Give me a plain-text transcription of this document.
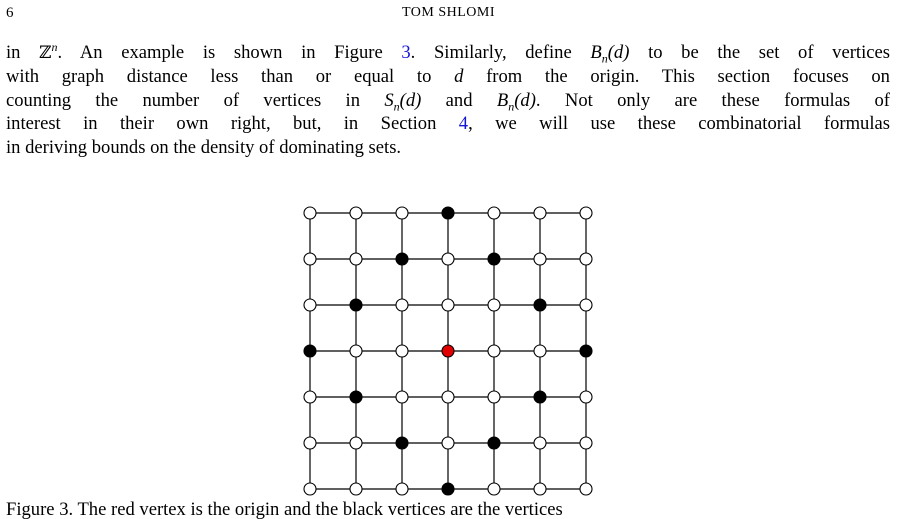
6	TOM SHLOMI
in ℤ$^n$. An example is shown in Figure 3. Similarly, define $B_n(d)$ to be the set of vertices
with graph distance less than or equal to d from the origin. This section focuses on
counting the number of vertices in $S_n(d)$ and $B_n(d)$. Not only are these formulas of
interest in their own right, but, in Section 4, we will use these combinatorial formulas
in deriving bounds on the density of dominating sets.
Figure 3. The red vertex is the origin and the black vertices are the vertices
